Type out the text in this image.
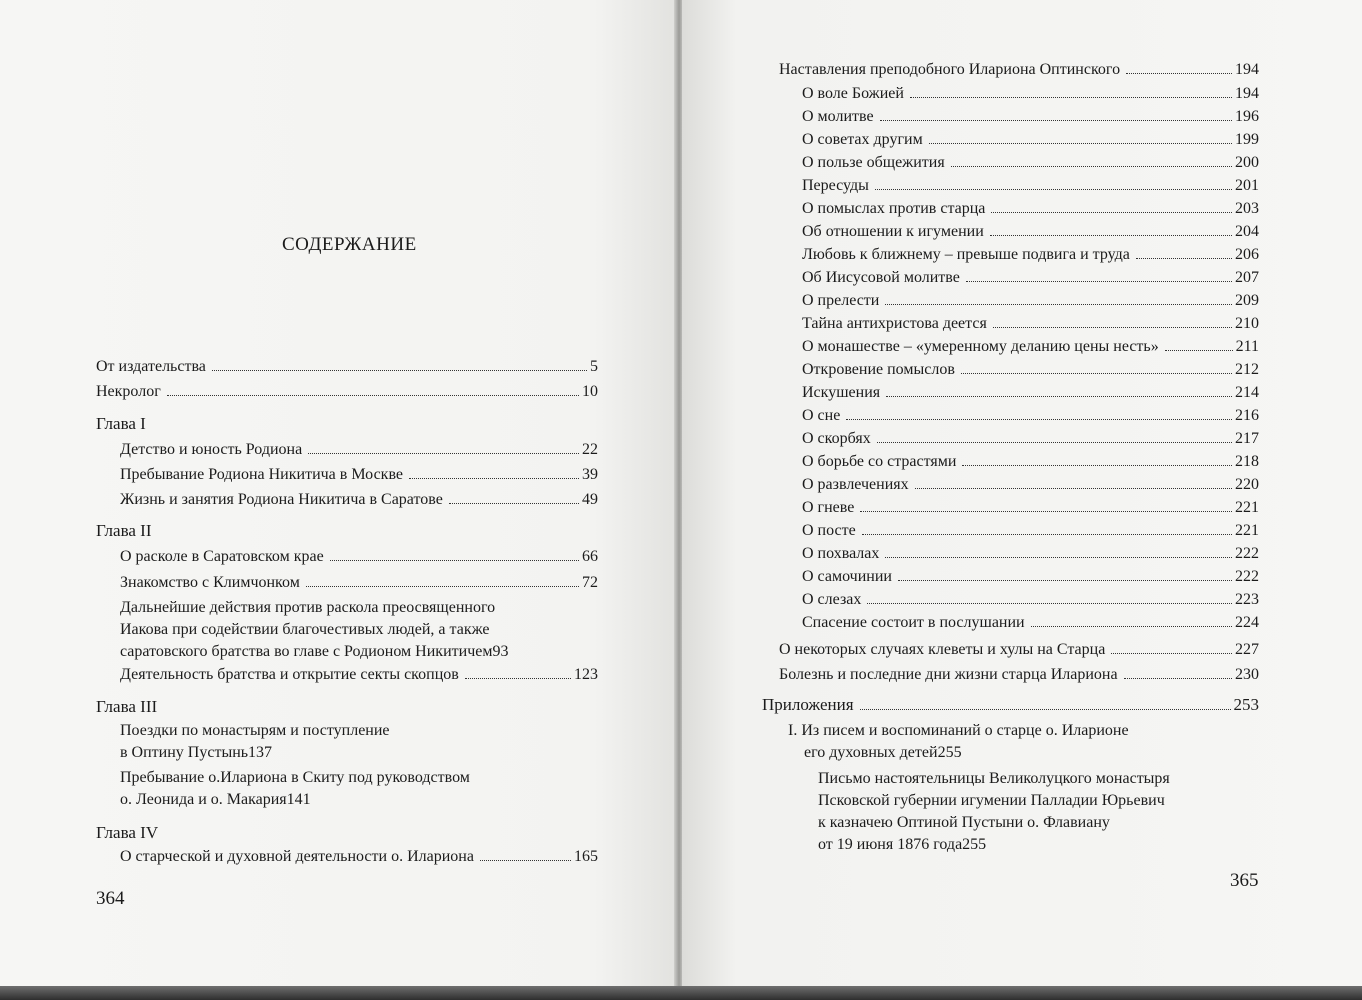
СОДЕРЖАНИЕ
От издательства	5
Некролог	10
Глава I
Детство и юность Родиона	22
Пребывание Родиона Никитича в Москве	39
Жизнь и занятия Родиона Никитича в Саратове	49
Глава II
О расколе в Саратовском крае	66
Знакомство с Климчонком	72
Дальнейшие действия против раскола преосвященного
Иакова при содействии благочестивых людей, а также
саратовского братства во главе с Родионом Никитичем 93
Деятельность братства и открытие секты скопцов	123
Глава III
Поездки по монастырям и поступление
в Оптину Пустынь 137
Пребывание о.Илариона в Скиту под руководством
о. Леонида и о. Макария 141
Глава IV
О старческой и духовной деятельности о. Илариона	165
364
Наставления преподобного Илариона Оптинского	194
О воле Божией	194
О молитве	196
О советах другим	199
О пользе общежития	200
Пересуды	201
О помыслах против старца	203
Об отношении к игумении	204
Любовь к ближнему – превыше подвига и труда	206
Об Иисусовой молитве	207
О прелести	209
Тайна антихристова деется	210
О монашестве – «умеренному деланию цены несть»	211
Откровение помыслов	212
Искушения	214
О сне	216
О скорбях	217
О борьбе со страстями	218
О развлечениях	220
О гневе	221
О посте	221
О похвалах	222
О самочинии	222
О слезах	223
Спасение состоит в послушании	224
О некоторых случаях клеветы и хулы на Старца	227
Болезнь и последние дни жизни старца Илариона	230
Приложения	253
I. Из писем и воспоминаний о старце о. Иларионе
его духовных детей 255
Письмо настоятельницы Великолуцкого монастыря
Псковской губернии игумении Палладии Юрьевич
к казначею Оптиной Пустыни о. Флавиану
от 19 июня 1876 года 255
365
